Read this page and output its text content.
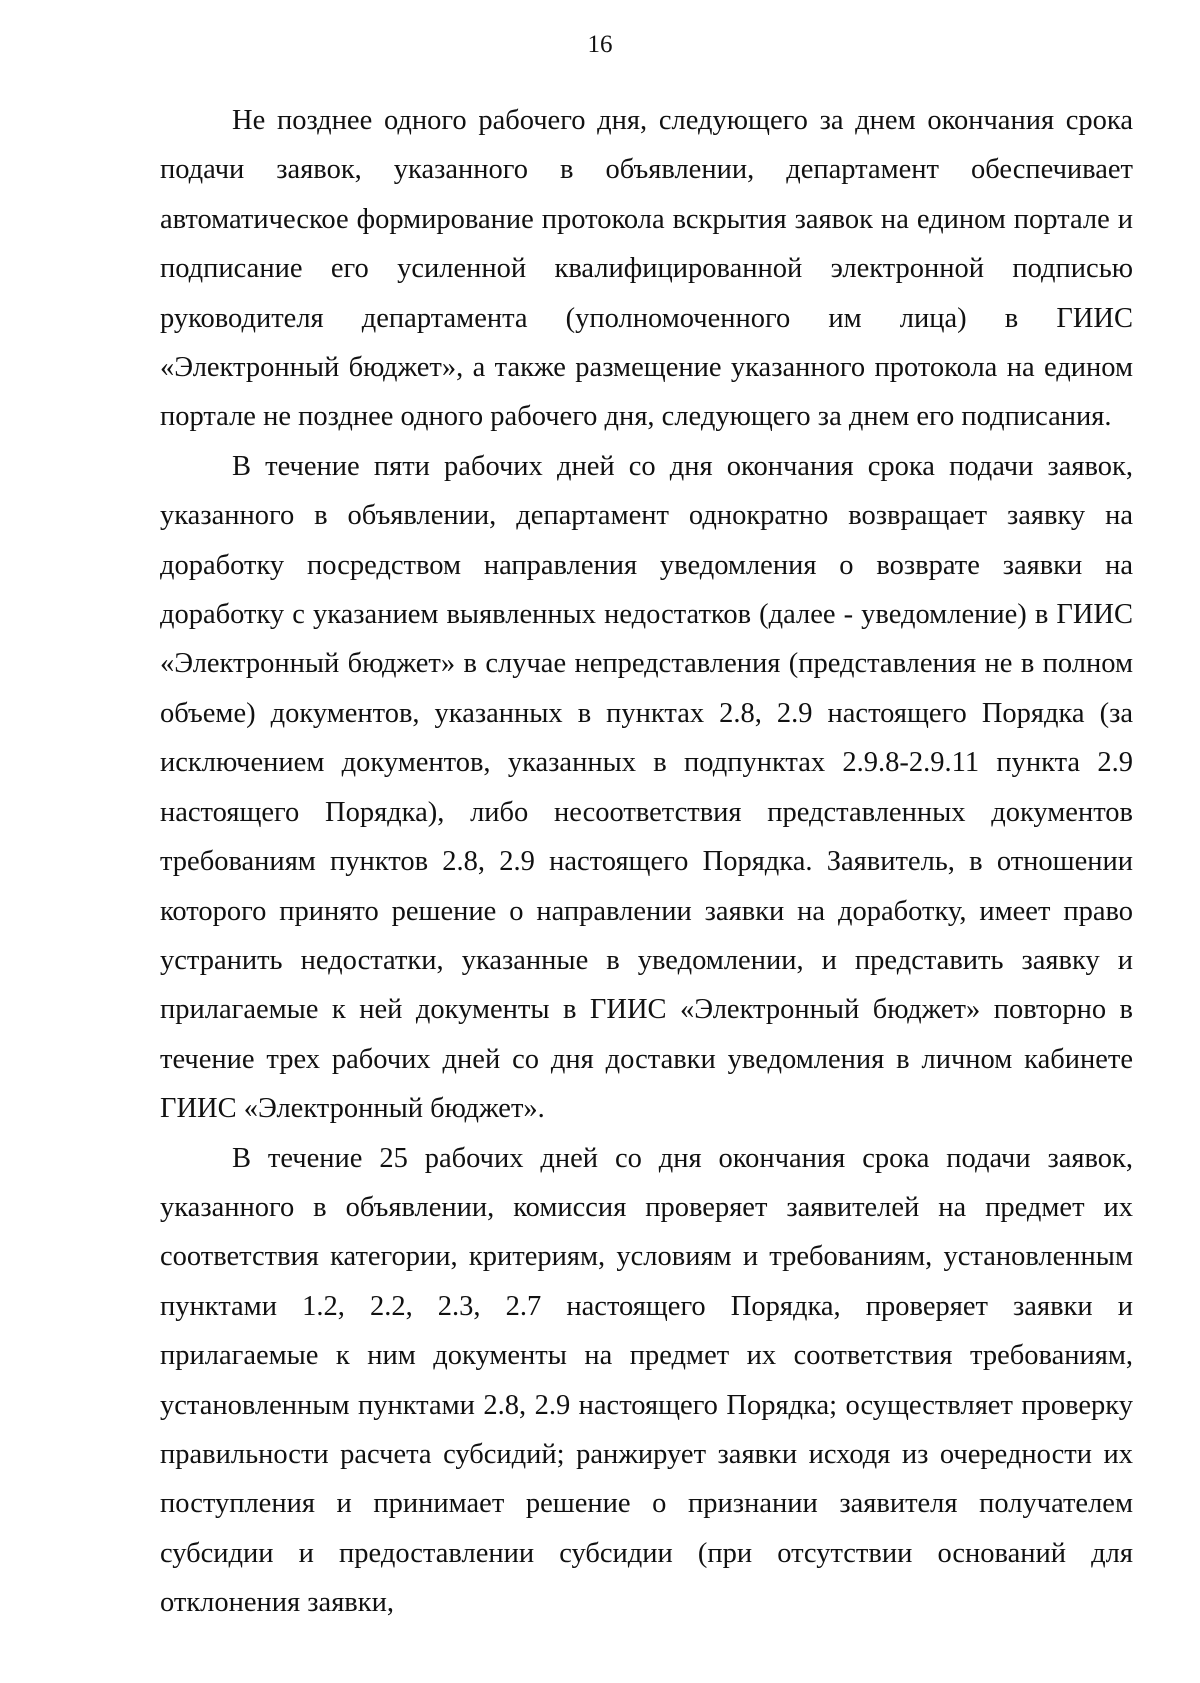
16

Не позднее одного рабочего дня, следующего за днем окончания срока подачи заявок, указанного в объявлении, департамент обеспечивает автоматическое формирование протокола вскрытия заявок на едином портале и подписание его усиленной квалифицированной электронной подписью руководителя департамента (уполномоченного им лица) в ГИИС «Электронный бюджет», а также размещение указанного протокола на едином портале не позднее одного рабочего дня, следующего за днем его подписания.

В течение пяти рабочих дней со дня окончания срока подачи заявок, указанного в объявлении, департамент однократно возвращает заявку на доработку посредством направления уведомления о возврате заявки на доработку с указанием выявленных недостатков (далее - уведомление) в ГИИС «Электронный бюджет» в случае непредставления (представления не в полном объеме) документов, указанных в пунктах 2.8, 2.9 настоящего Порядка (за исключением документов, указанных в подпунктах 2.9.8-2.9.11 пункта 2.9 настоящего Порядка), либо несоответствия представленных документов требованиям пунктов 2.8, 2.9 настоящего Порядка. Заявитель, в отношении которого принято решение о направлении заявки на доработку, имеет право устранить недостатки, указанные в уведомлении, и представить заявку и прилагаемые к ней документы в ГИИС «Электронный бюджет» повторно в течение трех рабочих дней со дня доставки уведомления в личном кабинете ГИИС «Электронный бюджет».

В течение 25 рабочих дней со дня окончания срока подачи заявок, указанного в объявлении, комиссия проверяет заявителей на предмет их соответствия категории, критериям, условиям и требованиям, установленным пунктами 1.2, 2.2, 2.3, 2.7 настоящего Порядка, проверяет заявки и прилагаемые к ним документы на предмет их соответствия требованиям, установленным пунктами 2.8, 2.9 настоящего Порядка; осуществляет проверку правильности расчета субсидий; ранжирует заявки исходя из очередности их поступления и принимает решение о признании заявителя получателем субсидии и предоставлении субсидии (при отсутствии оснований для отклонения заявки,
